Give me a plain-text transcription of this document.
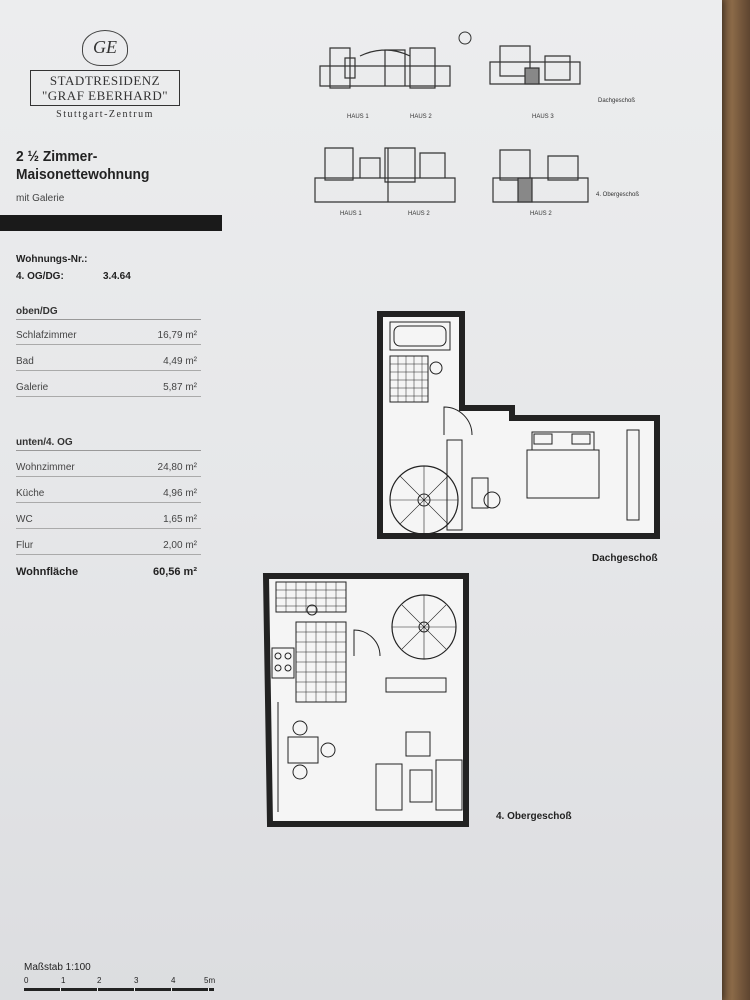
GE
STADTRESIDENZ
"GRAF EBERHARD"
Stuttgart-Zentrum
2 ½ Zimmer-
Maisonettewohnung
mit Galerie
Wohnungs-Nr.:
4. OG/DG:	3.4.64
oben/DG
Schlafzimmer	16,79 m²
Bad	4,49 m²
Galerie	5,87 m²
unten/4. OG
Wohnzimmer	24,80 m²
Küche	4,96 m²
WC	1,65 m²
Flur	2,00 m²
Wohnfläche	60,56 m²
HAUS 1	HAUS 2	HAUS 3
Dachgeschoß
HAUS 1	HAUS 2	HAUS 2
4. Obergeschoß
Dachgeschoß
4. Obergeschoß
Maßstab 1:100
0	1	2	3	4	5m
